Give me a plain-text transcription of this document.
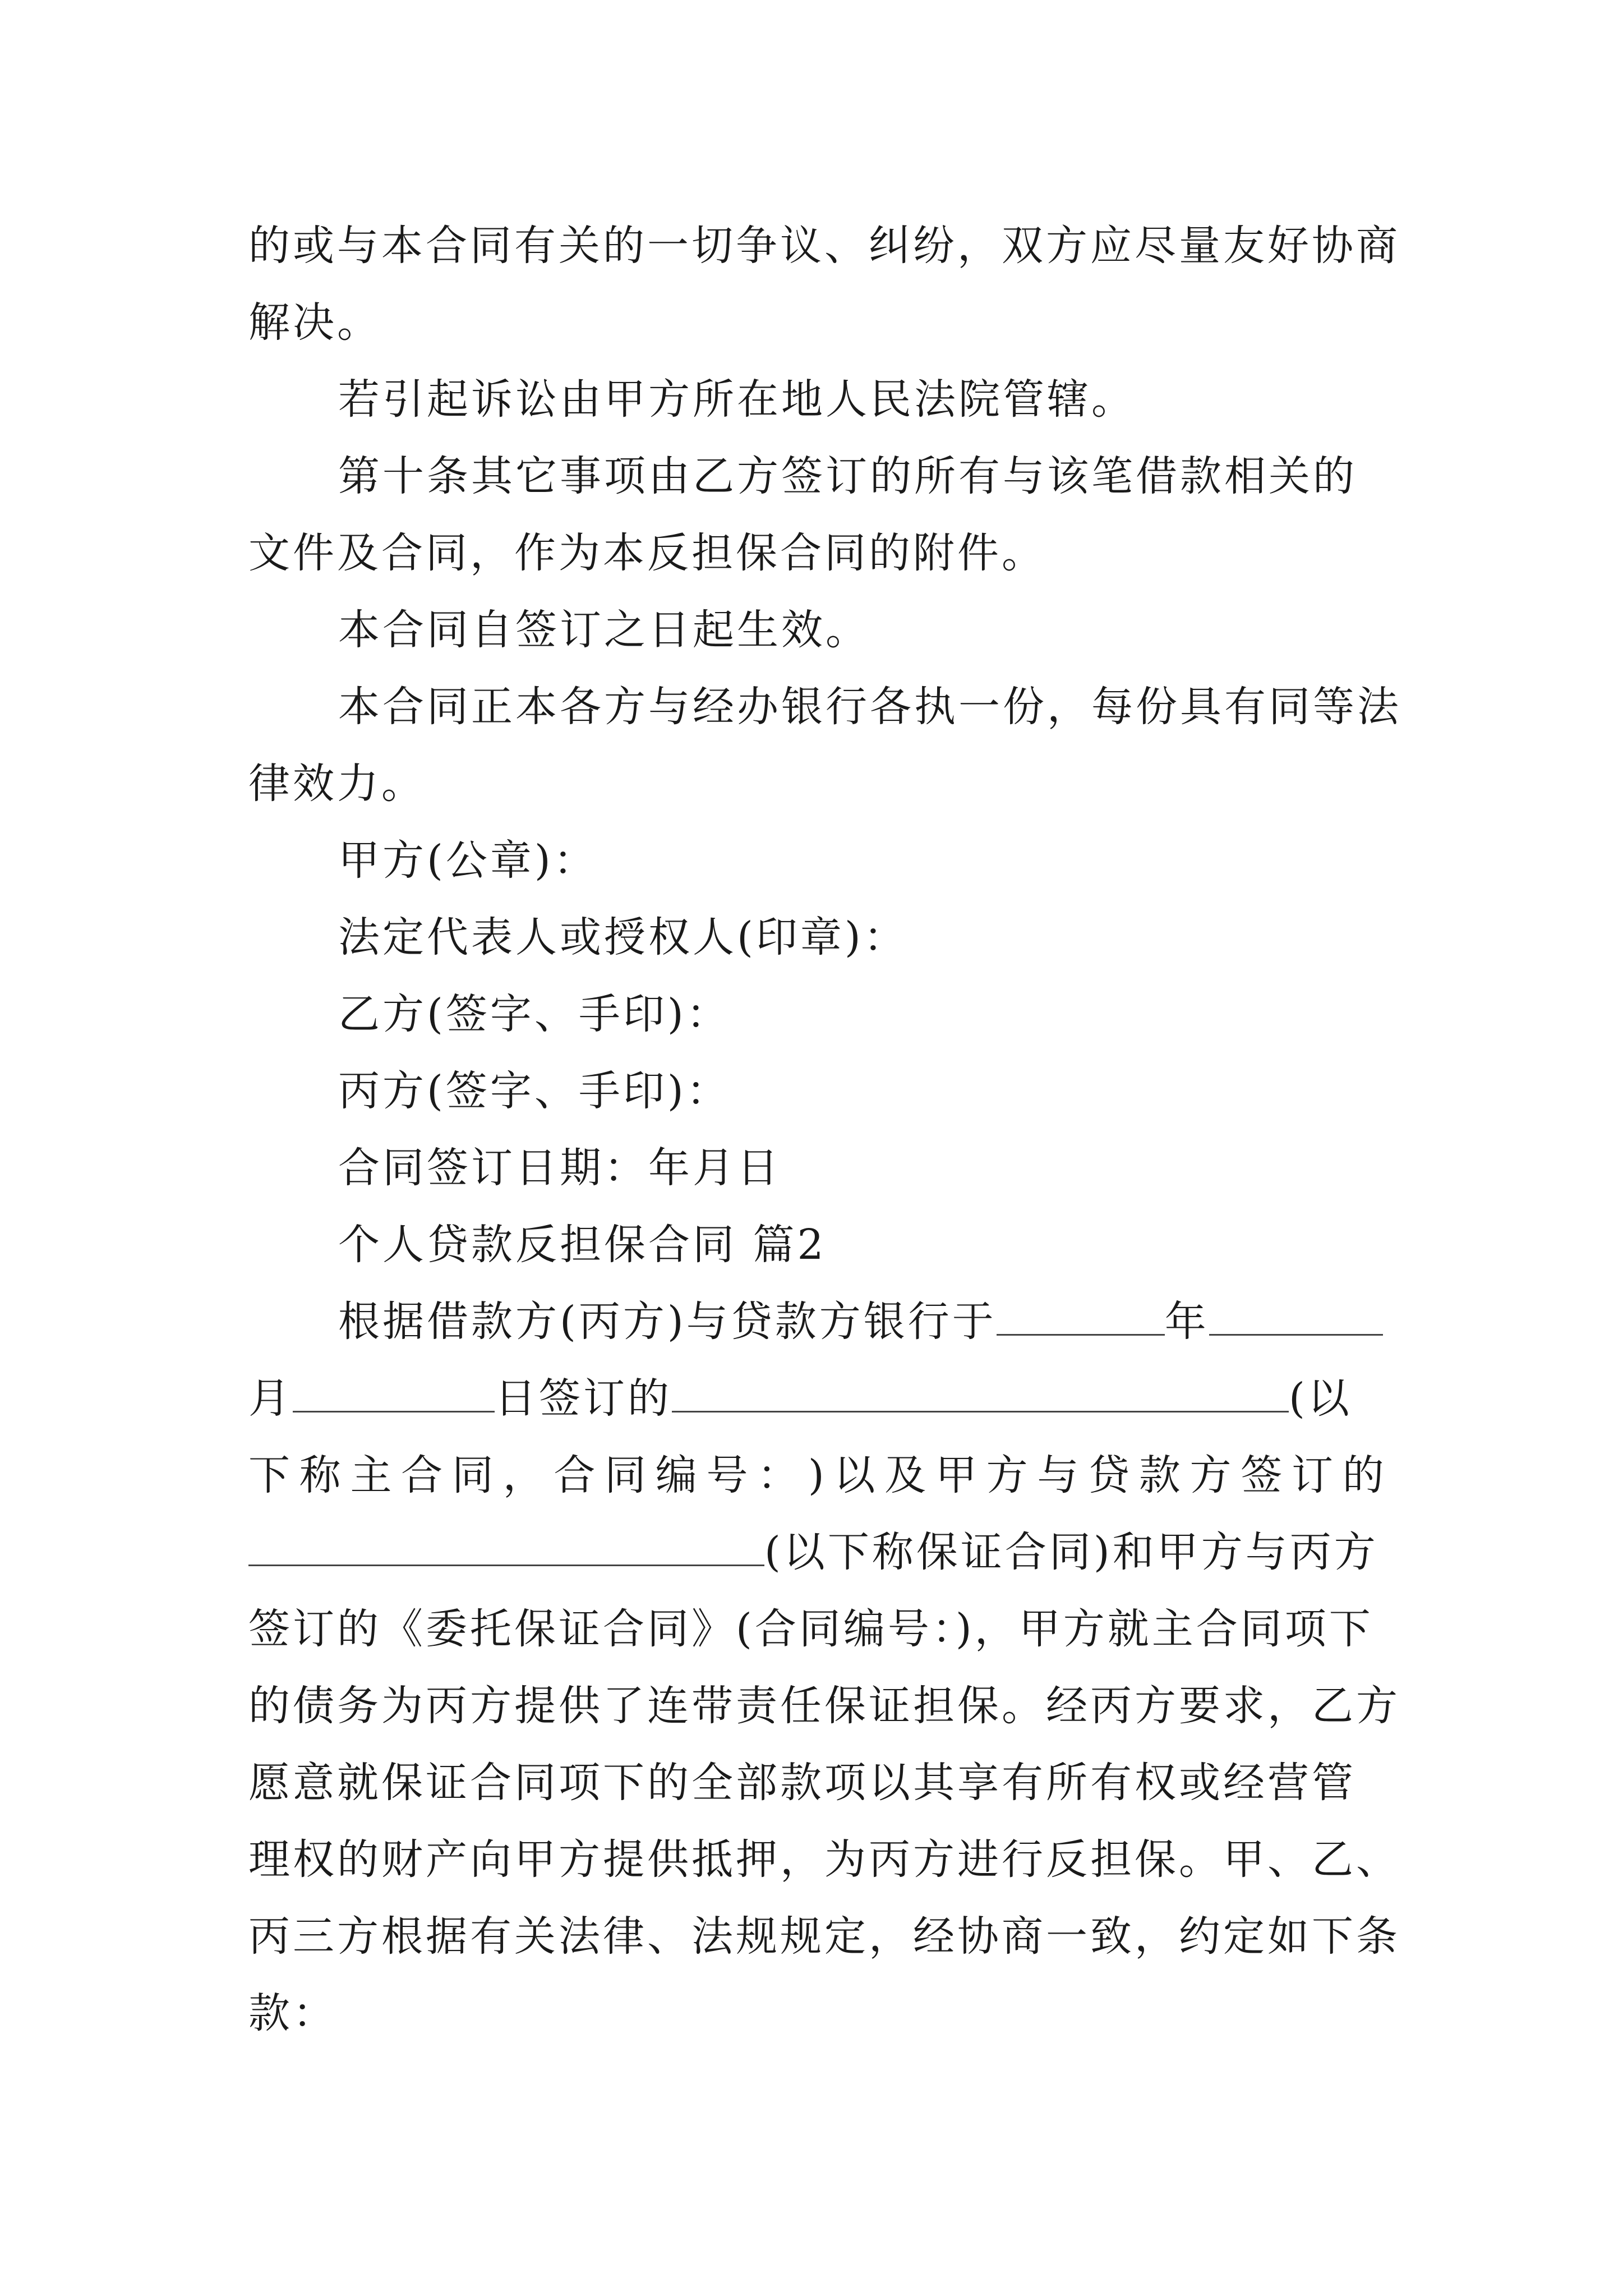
的或与本合同有关的一切争议、纠纷，双方应尽量友好协商
解决。
若引起诉讼由甲方所在地人民法院管辖。
第十条其它事项由乙方签订的所有与该笔借款相关的
文件及合同，作为本反担保合同的附件。
本合同自签订之日起生效。
本合同正本各方与经办银行各执一份，每份具有同等法
律效力。
甲方(公章)：
法定代表人或授权人(印章)：
乙方(签字、手印)：
丙方(签字、手印)：
合同签订日期：年月日
个人贷款反担保合同 篇2
根据借款方(丙方)与贷款方银行于	年
月	日签订的	(以
下 称 主 合 同 ， 合 同 编 号 ： ) 以 及 甲 方 与 贷 款 方 签 订 的
(以下称保证合同)和甲方与丙方
签订的《委托保证合同》(合同编号：)，甲方就主合同项下
的债务为丙方提供了连带责任保证担保。经丙方要求，乙方
愿意就保证合同项下的全部款项以其享有所有权或经营管
理权的财产向甲方提供抵押，为丙方进行反担保。甲、乙、
丙三方根据有关法律、法规规定，经协商一致，约定如下条
款：
